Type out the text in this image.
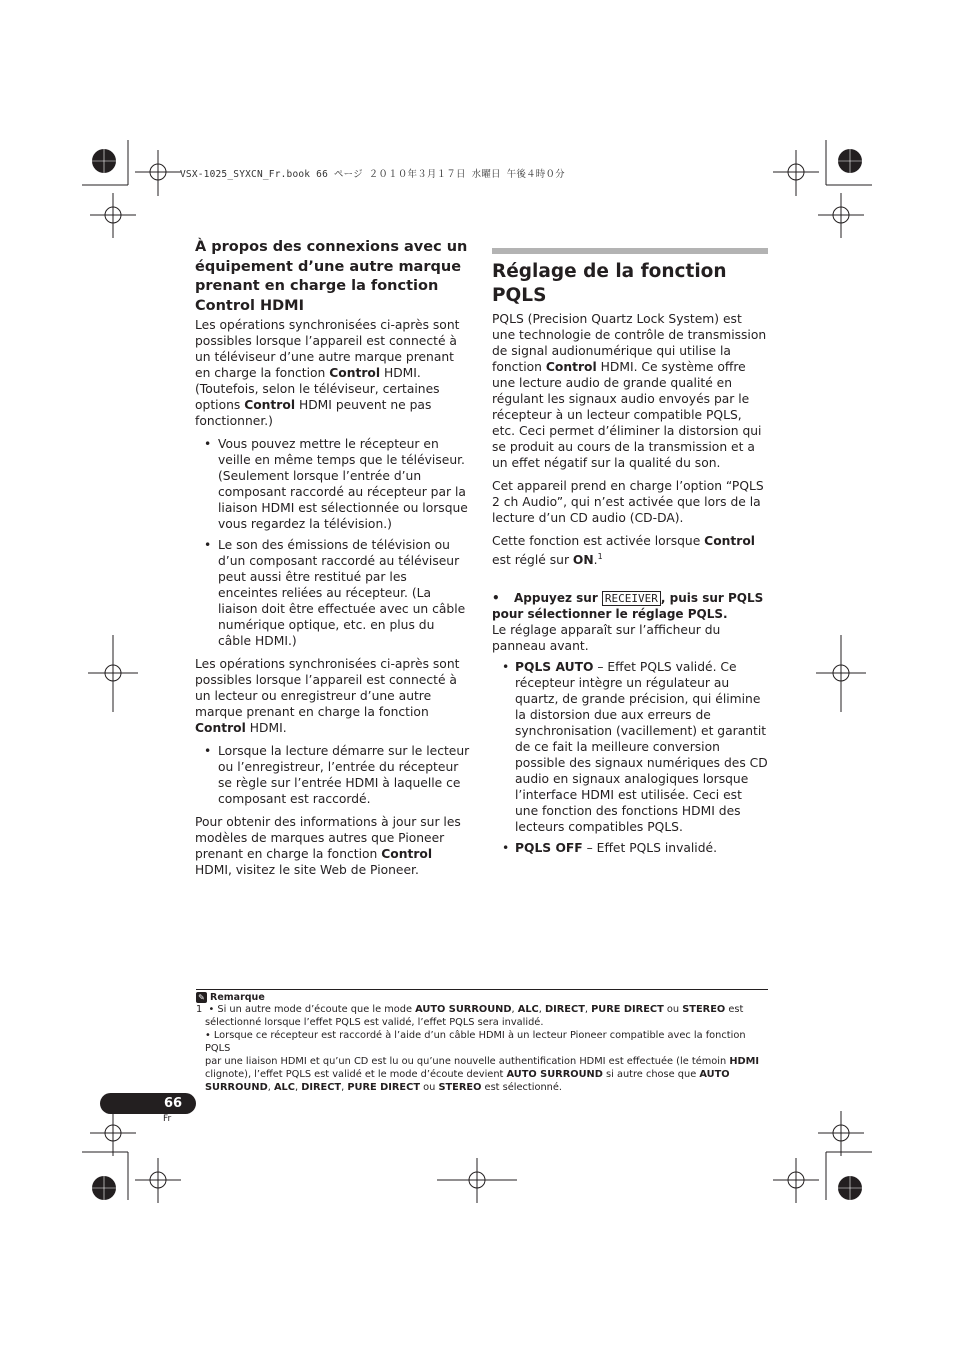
VSX-1025_SYXCN_Fr.book 66 ページ ２０１０年３月１７日 水曜日 午後４時０分
À propos des connexions avec un équipement d’une autre marque prenant en charge la fonction Control HDMI

Les opérations synchronisées ci-après sont possibles lorsque l’appareil est connecté à un téléviseur d’une autre marque prenant en charge la fonction Control HDMI. (Toutefois, selon le téléviseur, certaines options Control HDMI peuvent ne pas fonctionner.)

• Vous pouvez mettre le récepteur en veille en même temps que le téléviseur. (Seulement lorsque l’entrée d’un composant raccordé au récepteur par la liaison HDMI est sélectionnée ou lorsque vous regardez la télévision.)
• Le son des émissions de télévision ou d’un composant raccordé au téléviseur peut aussi être restitué par les enceintes reliées au récepteur. (La liaison doit être effectuée avec un câble numérique optique, etc. en plus du câble HDMI.)

Les opérations synchronisées ci-après sont possibles lorsque l’appareil est connecté à un lecteur ou enregistreur d’une autre marque prenant en charge la fonction Control HDMI.

• Lorsque la lecture démarre sur le lecteur ou l’enregistreur, l’entrée du récepteur se règle sur l’entrée HDMI à laquelle ce composant est raccordé.

Pour obtenir des informations à jour sur les modèles de marques autres que Pioneer prenant en charge la fonction Control HDMI, visitez le site Web de Pioneer.

Réglage de la fonction PQLS

PQLS (Precision Quartz Lock System) est une technologie de contrôle de transmission de signal audionumérique qui utilise la fonction Control HDMI. Ce système offre une lecture audio de grande qualité en régulant les signaux audio envoyés par le récepteur à un lecteur compatible PQLS, etc. Ceci permet d’éliminer la distorsion qui se produit au cours de la transmission et a un effet négatif sur la qualité du son.

Cet appareil prend en charge l’option “PQLS 2 ch Audio”, qui n’est activée que lors de la lecture d’un CD audio (CD-DA).

Cette fonction est activée lorsque Control est réglé sur ON.$^1$

• Appuyez sur RECEIVER , puis sur PQLS pour sélectionner le réglage PQLS.

Le réglage apparaît sur l’afficheur du panneau avant.

• PQLS AUTO – Effet PQLS validé. Ce récepteur intègre un régulateur au quartz, de grande précision, qui élimine la distorsion due aux erreurs de synchronisation (vacillement) et garantit de ce fait la meilleure conversion possible des signaux numériques des CD audio en signaux analogiques lorsque l’interface HDMI est utilisée. Ceci est une fonction des fonctions HDMI des lecteurs compatibles PQLS.
• PQLS OFF – Effet PQLS invalidé.
✎ Remarque
1 • Si un autre mode d’écoute que le mode AUTO SURROUND, ALC, DIRECT, PURE DIRECT ou STEREO est
sélectionné lorsque l’effet PQLS est validé, l’effet PQLS sera invalidé.
• Lorsque ce récepteur est raccordé à l’aide d’un câble HDMI à un lecteur Pioneer compatible avec la fonction PQLS
par une liaison HDMI et qu’un CD est lu ou qu’une nouvelle authentification HDMI est effectuée (le témoin HDMI
clignote), l’effet PQLS est validé et le mode d’écoute devient AUTO SURROUND si autre chose que AUTO
SURROUND, ALC, DIRECT, PURE DIRECT ou STEREO est sélectionné.
66
Fr
